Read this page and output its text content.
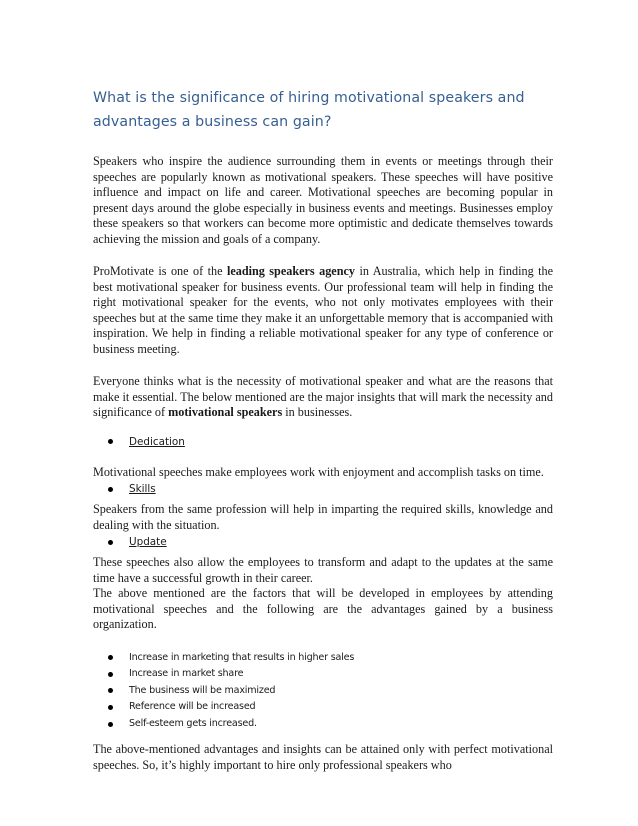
What is the significance of hiring motivational speakers and advantages a business can gain?

Speakers who inspire the audience surrounding them in events or meetings through their speeches are popularly known as motivational speakers. These speeches will have positive influence and impact on life and career. Motivational speeches are becoming popular in present days around the globe especially in business events and meetings. Businesses employ these speakers so that workers can become more optimistic and dedicate themselves towards achieving the mission and goals of a company.

ProMotivate is one of the leading speakers agency in Australia, which help in finding the best motivational speaker for business events. Our professional team will help in finding the right motivational speaker for the events, who not only motivates employees with their speeches but at the same time they make it an unforgettable memory that is accompanied with inspiration. We help in finding a reliable motivational speaker for any type of conference or business meeting.

Everyone thinks what is the necessity of motivational speaker and what are the reasons that make it essential. The below mentioned are the major insights that will mark the necessity and significance of motivational speakers in businesses.

Dedication

Motivational speeches make employees work with enjoyment and accomplish tasks on time.

Skills

Speakers from the same profession will help in imparting the required skills, knowledge and dealing with the situation.

Update

These speeches also allow the employees to transform and adapt to the updates at the same time have a successful growth in their career.

The above mentioned are the factors that will be developed in employees by attending motivational speeches and the following are the advantages gained by a business organization.

Increase in marketing that results in higher sales
Increase in market share
The business will be maximized
Reference will be increased
Self-esteem gets increased.

The above-mentioned advantages and insights can be attained only with perfect motivational speeches. So, it’s highly important to hire only professional speakers who
